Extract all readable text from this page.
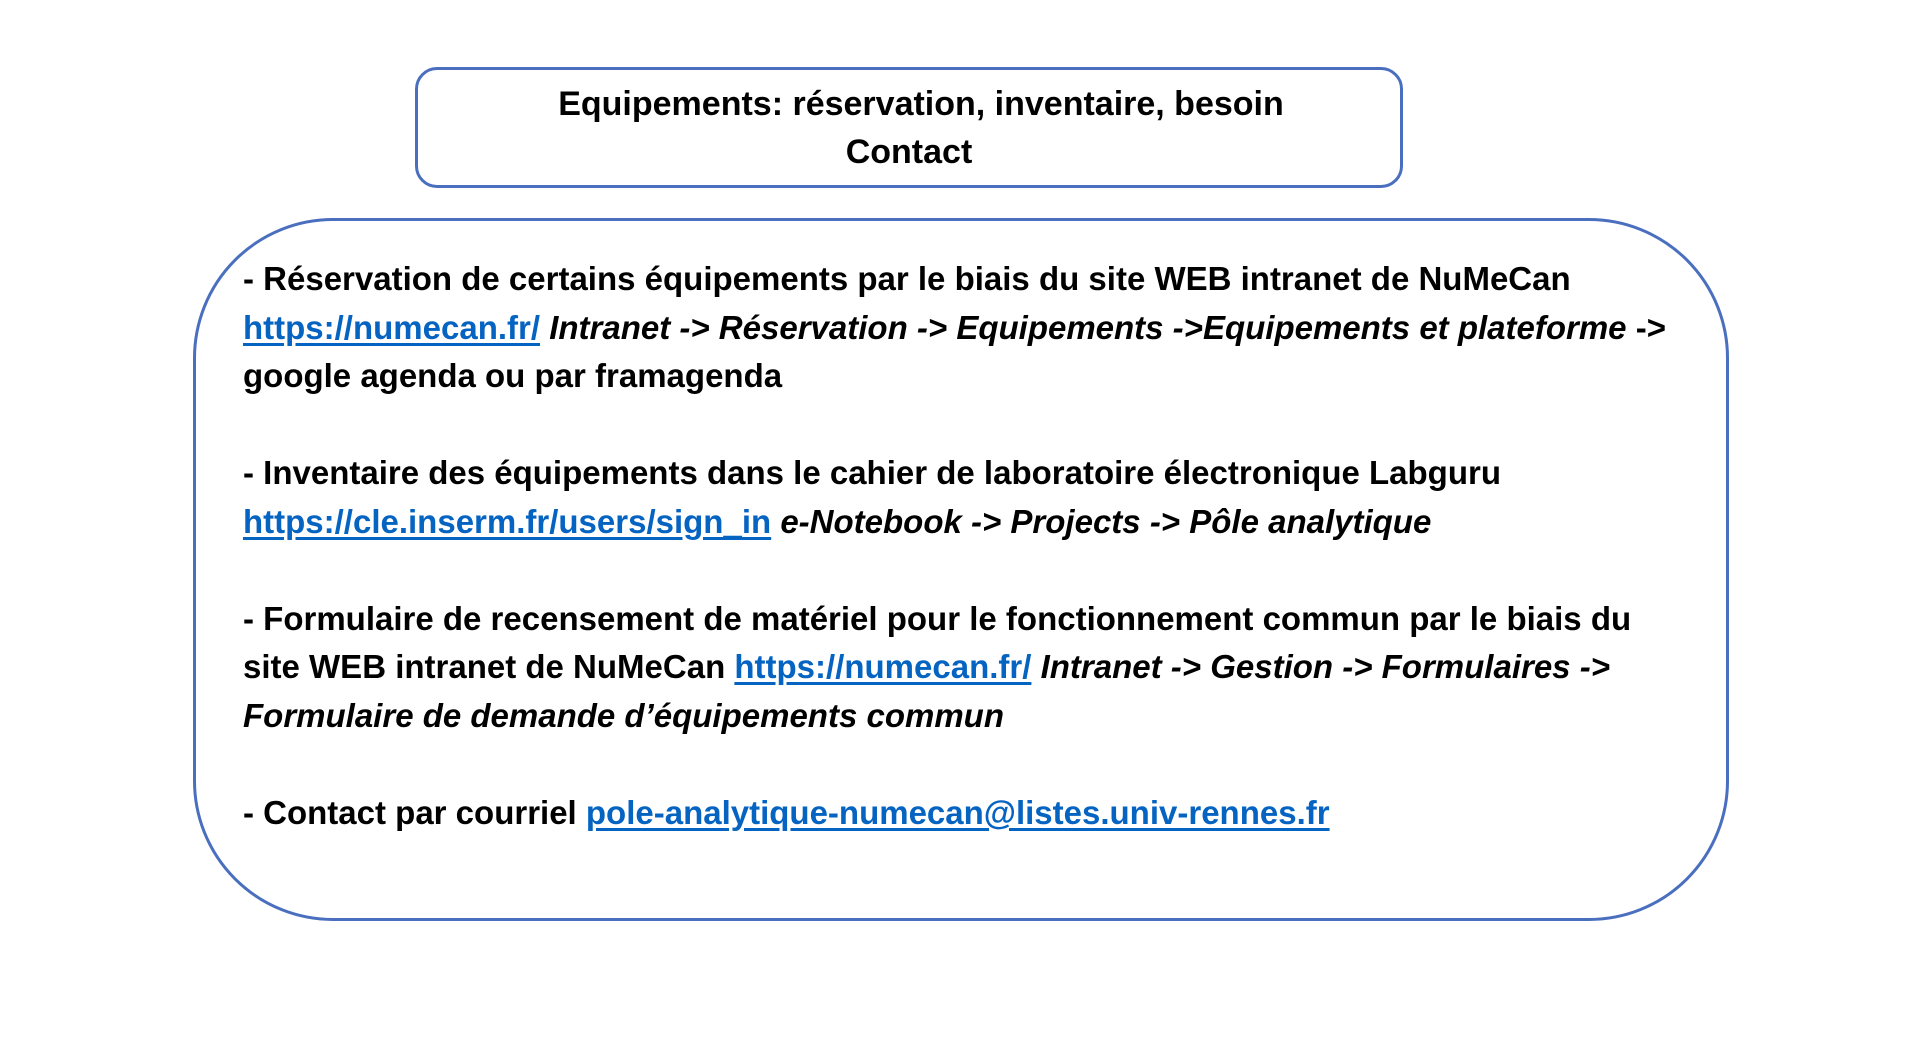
Equipements: réservation, inventaire, besoin
Contact

- Réservation de certains équipements par le biais du site WEB intranet de NuMeCan
https://numecan.fr/ Intranet -> Réservation -> Equipements ->Equipements et plateforme -> google agenda ou par framagenda

- Inventaire des équipements dans le cahier de laboratoire électronique Labguru
https://cle.inserm.fr/users/sign_in e-Notebook -> Projects -> Pôle analytique

- Formulaire de recensement de matériel pour le fonctionnement commun par le biais du site WEB intranet de NuMeCan https://numecan.fr/ Intranet -> Gestion -> Formulaires -> Formulaire de demande d’équipements commun

- Contact par courriel pole-analytique-numecan@listes.univ-rennes.fr
